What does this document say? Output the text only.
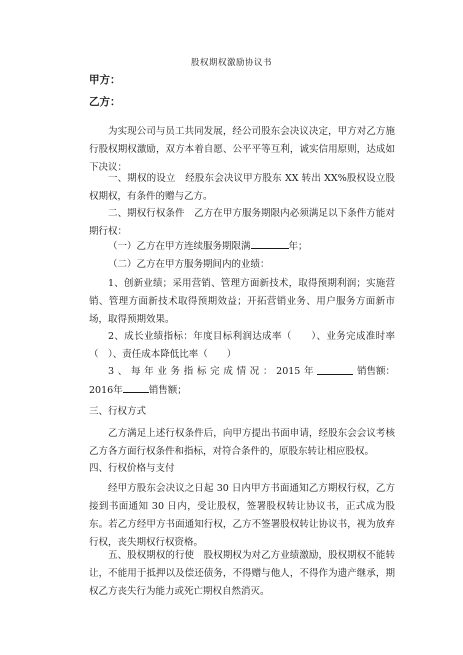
股权期权激励协议书
甲方：
乙方：

为实现公司与员工共同发展，经公司股东会决议决定，甲方对乙方施行股权期权激励，双方本着自愿、公平平等互利，诚实信用原则，达成如下决议：

一、期权的设立　经股东会决议甲方股东 XX 转出 XX%股权设立股权期权，有条件的赠与乙方。

二、期权行权条件　乙方在甲方服务期限内必须满足以下条件方能对期行权：

（一）乙方在甲方连续服务期限满	年；
（二）乙方在甲方服务期间内的业绩：

1、创新业绩；采用营销、管理方面新技术，取得预期利润；实施营销、管理方面新技术取得预期效益；开拓营销业务、用户服务方面新市场，取得预期效果。

2、成长业绩指标：年度目标利润达成率（　　）、业务完成准时率（　）、责任成本降低比率（　　）

3 、 每 年 业 务 指 标 完 成 情 况 ： 2015 年	销售额：
2016年	销售额；
三、行权方式

乙方满足上述行权条件后，向甲方提出书面申请，经股东会会议考核乙方各方面行权条件和指标，对符合条件的，原股东转让相应股权。

四、行权价格与支付

经甲方股东会决议之日起 30 日内甲方书面通知乙方期权行权，乙方接到书面通知 30 日内，受让股权，签署股权转让协议书，正式成为股东。若乙方经甲方书面通知行权，乙方不签署股权转让协议书，视为放弃行权，丧失期权行权资格。

五、股权期权的行使　股权期权为对乙方业绩激励，股权期权不能转让，不能用于抵押以及偿还债务，不得赠与他人，不得作为遗产继承，期权乙方丧失行为能力或死亡期权自然消灭。
